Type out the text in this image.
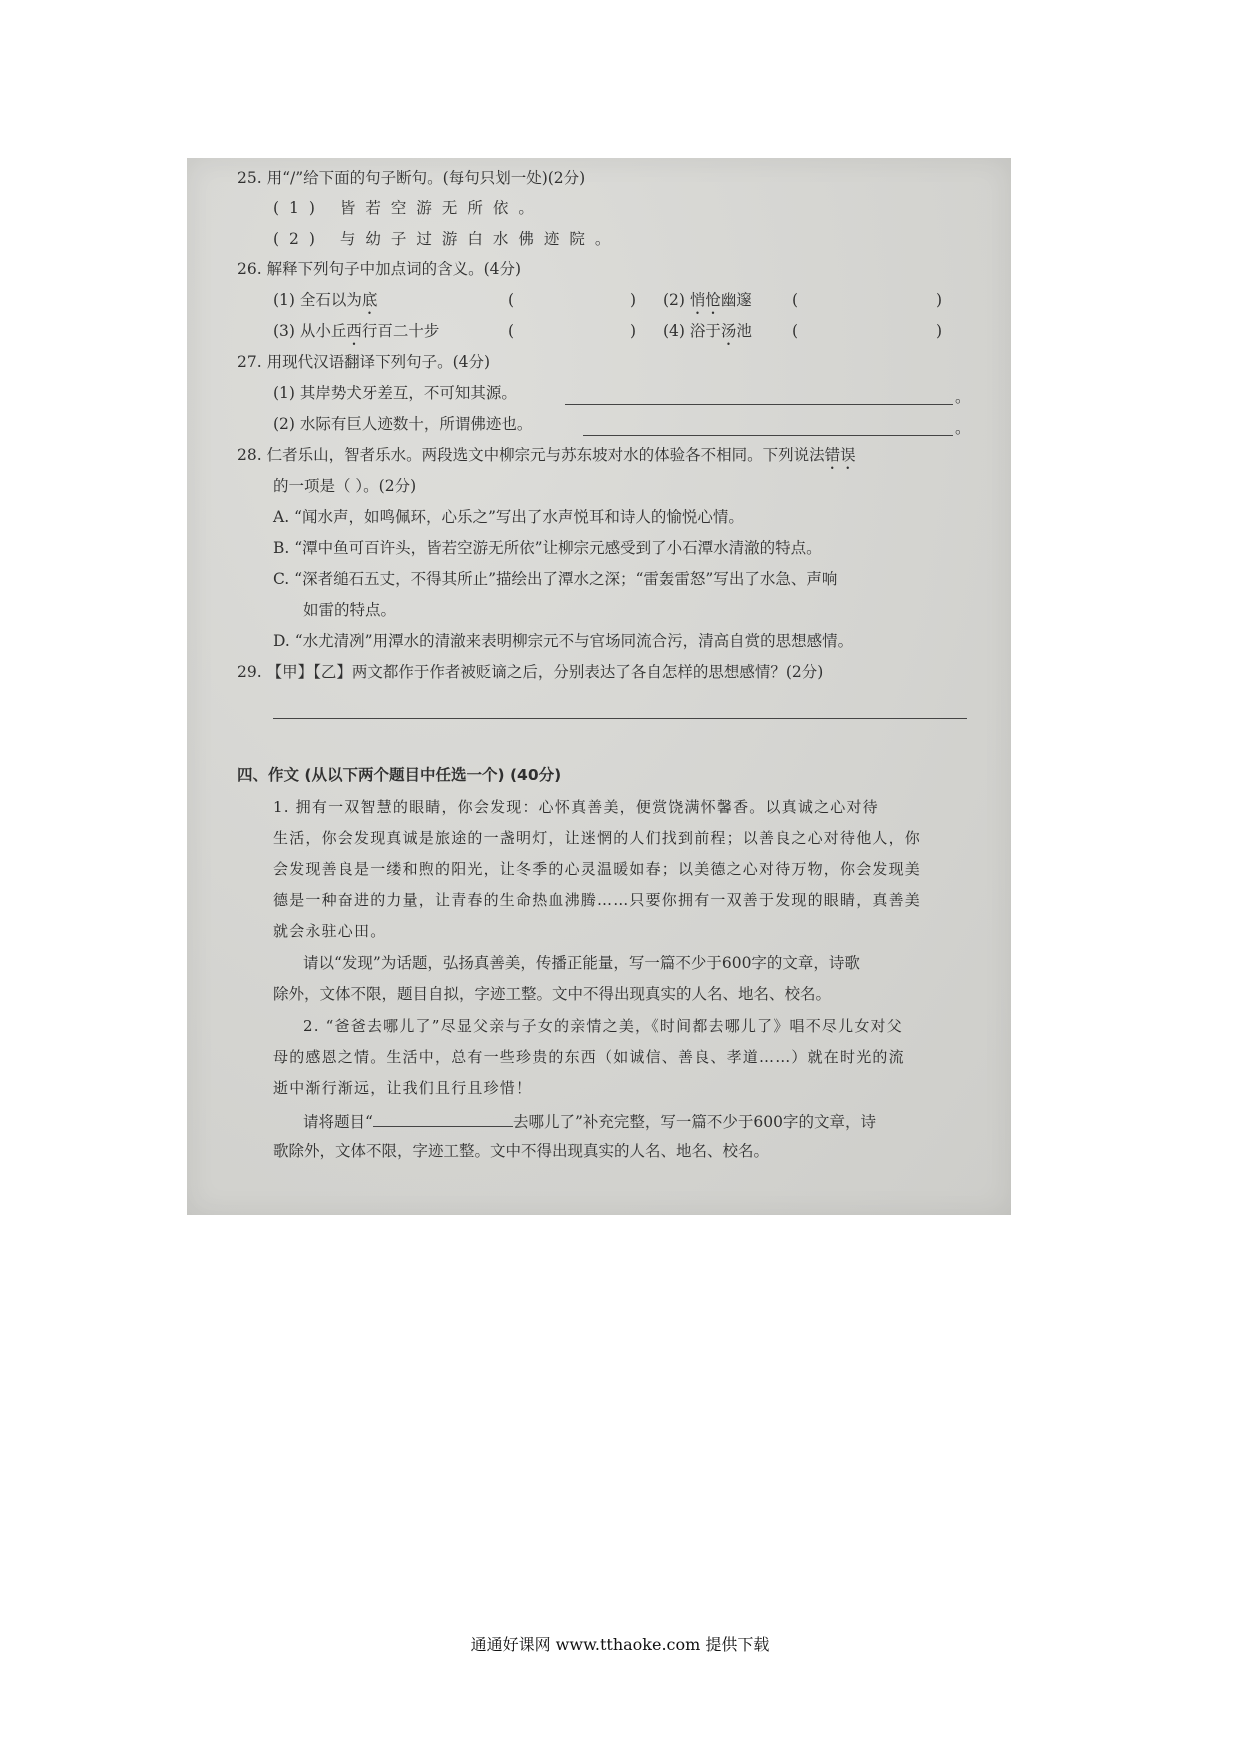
25. 用“/”给下面的句子断句。(每句只划一处)(2分)
(1) 皆若空游无所依。
(2) 与幼子过游白水佛迹院。
26. 解释下列句子中加点词的含义。(4分)
(1) 全石以为底	(	) (2) 悄怆幽邃	(	)
(3) 从小丘西行百二十步	(	) (4) 浴于汤池	(	)
27. 用现代汉语翻译下列句子。(4分)
(1) 其岸势犬牙差互，不可知其源。	。
(2) 水际有巨人迹数十，所谓佛迹也。	。
28. 仁者乐山，智者乐水。两段选文中柳宗元与苏东坡对水的体验各不相同。下列说法错误
的一项是（ ）。(2分)
A. “闻水声，如鸣佩环，心乐之”写出了水声悦耳和诗人的愉悦心情。
B. “潭中鱼可百许头，皆若空游无所依”让柳宗元感受到了小石潭水清澈的特点。
C. “深者缒石五丈，不得其所止”描绘出了潭水之深；“雷轰雷怒”写出了水急、声响
如雷的特点。
D. “水尤清冽”用潭水的清澈来表明柳宗元不与官场同流合污，清高自赏的思想感情。
29. 【甲】【乙】两文都作于作者被贬谪之后，分别表达了各自怎样的思想感情？(2分)
四、作文 (从以下两个题目中任选一个) (40分)
1. 拥有一双智慧的眼睛，你会发现：心怀真善美，便赏饶满怀馨香。以真诚之心对待
生活，你会发现真诚是旅途的一盏明灯，让迷惘的人们找到前程；以善良之心对待他人，你
会发现善良是一缕和煦的阳光，让冬季的心灵温暖如春；以美德之心对待万物，你会发现美
德是一种奋进的力量，让青春的生命热血沸腾……只要你拥有一双善于发现的眼睛，真善美
就会永驻心田。
请以“发现”为话题，弘扬真善美，传播正能量，写一篇不少于600字的文章，诗歌
除外，文体不限，题目自拟，字迹工整。文中不得出现真实的人名、地名、校名。
2. “爸爸去哪儿了”尽显父亲与子女的亲情之美，《时间都去哪儿了》唱不尽儿女对父
母的感恩之情。生活中，总有一些珍贵的东西（如诚信、善良、孝道……）就在时光的流
逝中渐行渐远，让我们且行且珍惜！
请将题目“	去哪儿了”补充完整，写一篇不少于600字的文章，诗
歌除外，文体不限，字迹工整。文中不得出现真实的人名、地名、校名。
通通好课网 www.tthaoke.com 提供下载
